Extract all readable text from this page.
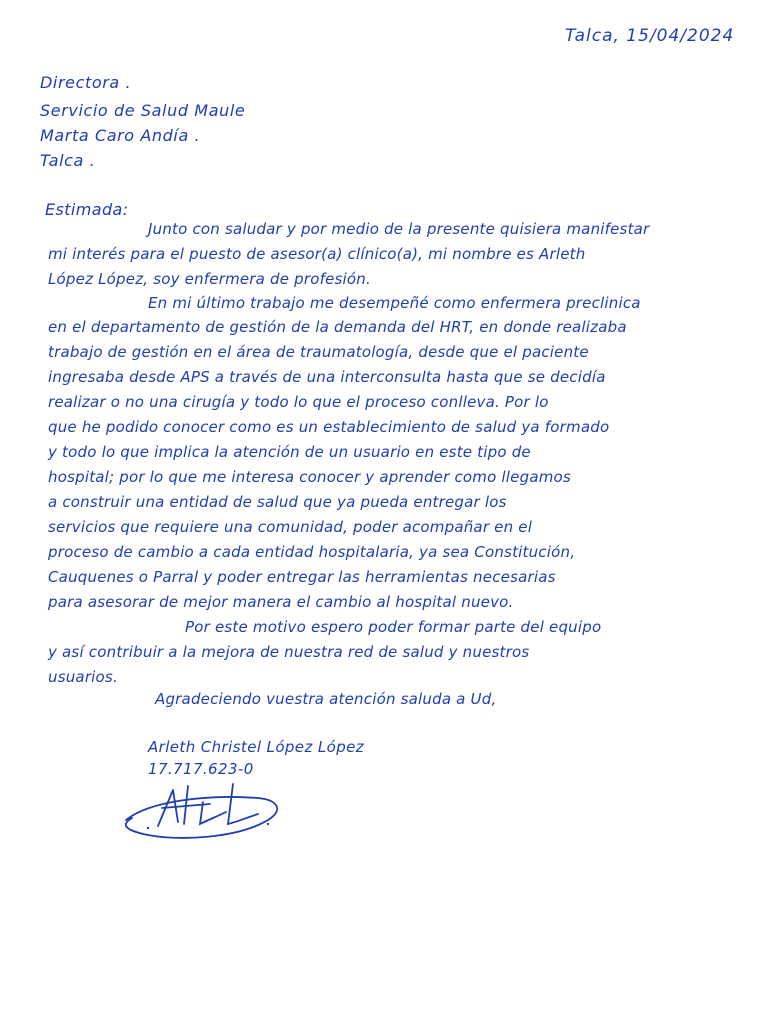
Talca, 15/04/2024
Directora .
Servicio de Salud Maule
Marta Caro Andía .
Talca .
Estimada:
Junto con saludar y por medio de la presente quisiera manifestar
mi interés para el puesto de asesor(a) clínico(a), mi nombre es Arleth
López López, soy enfermera de profesión.
En mi último trabajo me desempeñé como enfermera preclinica
en el departamento de gestión de la demanda del HRT, en donde realizaba
trabajo de gestión en el área de traumatología, desde que el paciente
ingresaba desde APS a través de una interconsulta hasta que se decidía
realizar o no una cirugía y todo lo que el proceso conlleva. Por lo
que he podido conocer como es un establecimiento de salud ya formado
y todo lo que implica la atención de un usuario en este tipo de
hospital; por lo que me interesa conocer y aprender como llegamos
a construir una entidad de salud que ya pueda entregar los
servicios que requiere una comunidad, poder acompañar en el
proceso de cambio a cada entidad hospitalaria, ya sea Constitución,
Cauquenes o Parral y poder entregar las herramientas necesarias
para asesorar de mejor manera el cambio al hospital nuevo.
Por este motivo espero poder formar parte del equipo
y así contribuir a la mejora de nuestra red de salud y nuestros
usuarios.
Agradeciendo vuestra atención saluda a Ud,
Arleth Christel López López
17.717.623-0
